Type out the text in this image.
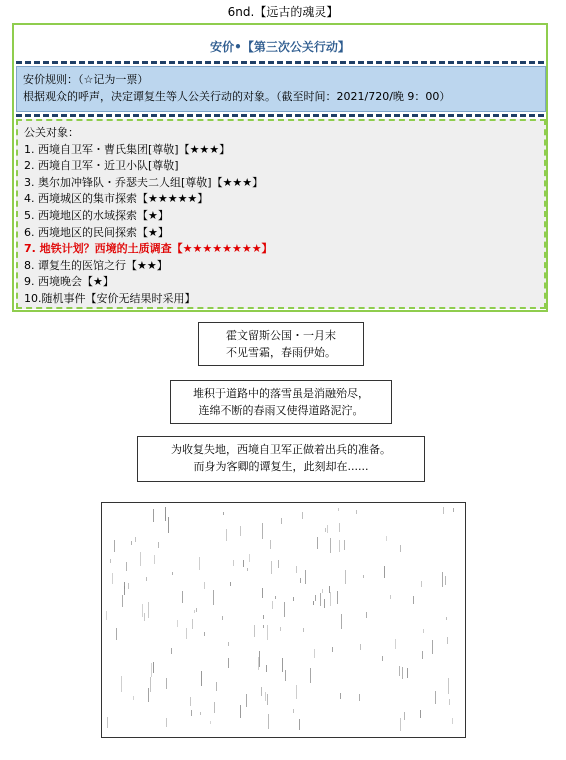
6nd.【远古的魂灵】
安价•【第三次公关行动】
安价规则：（☆记为一票）
根据观众的呼声，决定谭复生等人公关行动的对象。（截至时间：2021/720/晚 9：00）
公关对象：
1. 西境自卫军・曹氏集团[尊敬]【★★★】
2. 西境自卫军・近卫小队[尊敬]
3. 奥尔加冲锋队・乔瑟夫二人组[尊敬]【★★★】
4. 西境城区的集市探索【★★★★★】
5. 西境地区的水域探索【★】
6. 西境地区的民间探索【★】
7. 地铁计划？西境的土质调查【★★★★★★★★】
8. 谭复生的医馆之行【★★】
9. 西境晚会【★】
10.随机事件【安价无结果时采用】
霍文留斯公国・一月末
不见雪霜，春雨伊始。
堆积于道路中的落雪虽是消融殆尽，
连绵不断的春雨又使得道路泥泞。
为收复失地，西境自卫军正做着出兵的准备。
而身为客卿的谭复生，此刻却在......
